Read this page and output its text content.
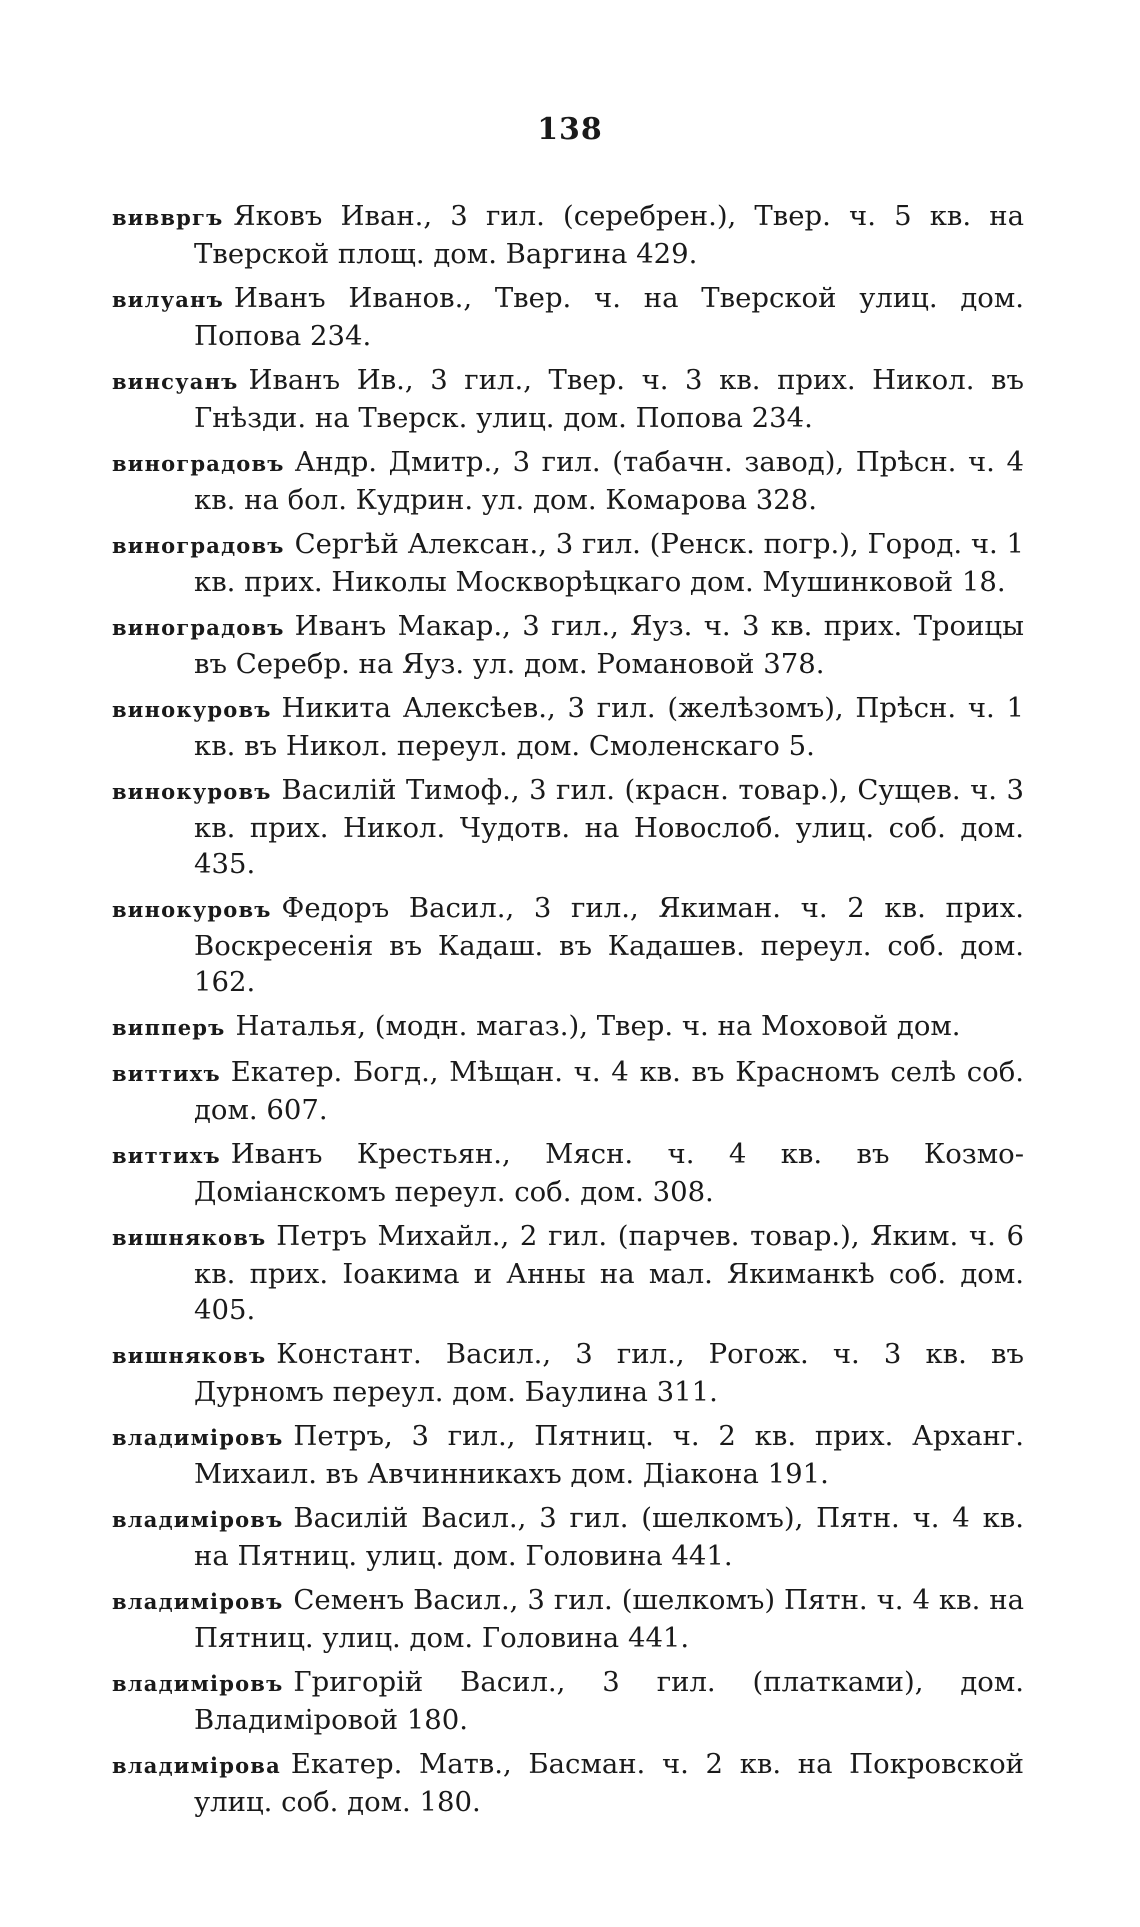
138

виввргъ Яковъ Иван., 3 гил. (серебрен.), Твер. ч. 5 кв. на Тверской площ. дом. Варгина 429.

вилуанъ Иванъ Иванов., Твер. ч. на Тверской улиц. дом. Попова 234.

винсуанъ Иванъ Ив., 3 гил., Твер. ч. 3 кв. прих. Никол. въ Гнѣзди. на Тверск. улиц. дом. Попова 234.

виноградовъ Андр. Дмитр., 3 гил. (табачн. завод), Прѣсн. ч. 4 кв. на бол. Кудрин. ул. дом. Комарова 328.

виноградовъ Сергѣй Алексан., 3 гил. (Ренск. погр.), Город. ч. 1 кв. прих. Николы Москворѣцкаго дом. Мушинковой 18.

виноградовъ Иванъ Макар., 3 гил., Яуз. ч. 3 кв. прих. Троицы въ Серебр. на Яуз. ул. дом. Романовой 378.

винокуровъ Никита Алексѣев., 3 гил. (желѣзомъ), Прѣсн. ч. 1 кв. въ Никол. переул. дом. Смоленскаго 5.

винокуровъ Василій Тимоф., 3 гил. (красн. товар.), Сущев. ч. 3 кв. прих. Никол. Чудотв. на Новослоб. улиц. соб. дом. 435.

винокуровъ Федоръ Васил., 3 гил., Якиман. ч. 2 кв. прих. Воскресенія въ Кадаш. въ Кадашев. переул. соб. дом. 162.

випперъ Наталья, (модн. магаз.), Твер. ч. на Моховой дом.

виттихъ Екатер. Богд., Мѣщан. ч. 4 кв. въ Красномъ селѣ соб. дом. 607.

виттихъ Иванъ Крестьян., Мясн. ч. 4 кв. въ Козмо-Доміанскомъ переул. соб. дом. 308.

вишняковъ Петръ Михайл., 2 гил. (парчев. товар.), Яким. ч. 6 кв. прих. Іоакима и Анны на мал. Якиманкѣ соб. дом. 405.

вишняковъ Констант. Васил., 3 гил., Рогож. ч. 3 кв. въ Дурномъ переул. дом. Баулина 311.

владиміровъ Петръ, 3 гил., Пятниц. ч. 2 кв. прих. Арханг. Михаил. въ Авчинникахъ дом. Діакона 191.

владиміровъ Василій Васил., 3 гил. (шелкомъ), Пятн. ч. 4 кв. на Пятниц. улиц. дом. Головина 441.

владиміровъ Семенъ Васил., 3 гил. (шелкомъ) Пятн. ч. 4 кв. на Пятниц. улиц. дом. Головина 441.

владиміровъ Григорій Васил., 3 гил. (платками), дом. Владиміровой 180.

владимірова Екатер. Матв., Басман. ч. 2 кв. на Покровской улиц. соб. дом. 180.
